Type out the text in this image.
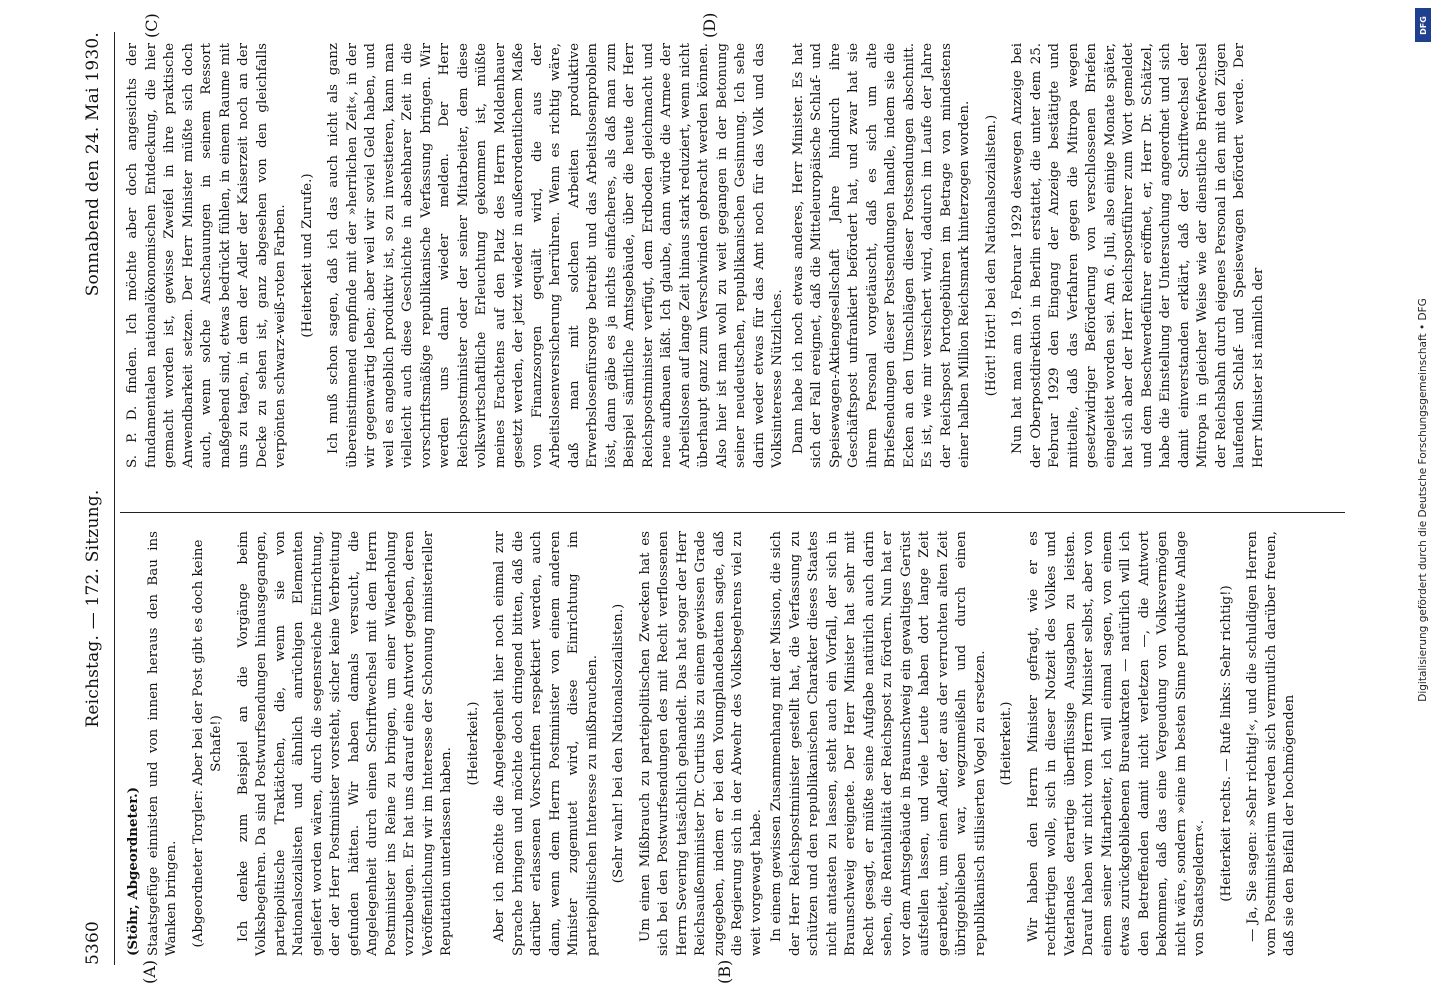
5360
Reichstag. — 172. Sitzung.
Sonnabend den 24. Mai 1930.
(A)	(B)
(C)	(D)

(Stöhr, Abgeordneter.) Staatsgefüge einnisten und von innen heraus den Bau ins Wanken bringen. (Abgeordneter Torgler: Aber bei der Post gibt es doch keine Schafe!) Ich denke zum Beispiel an die Vorgänge beim Volksbegehren. Da sind Postwurfsendungen hinausgegangen, parteipolitische Traktätchen, die, wenn sie von Nationalsozialisten und ähnlich anrüchigen Elementen geliefert worden wären, durch die segensreiche Einrichtung, der der Herr Postminister vorsteht, sicher keine Verbreitung gefunden hätten. Wir haben damals versucht, die Angelegenheit durch einen Schriftwechsel mit dem Herrn Postminister ins Reine zu bringen, um einer Wiederholung vorzubeugen. Er hat uns darauf eine Antwort gegeben, deren Veröffentlichung wir im Interesse der Schonung ministerieller Reputation unterlassen haben.

(Heiterkeit.) Aber ich möchte die Angelegenheit hier noch einmal zur Sprache bringen und möchte doch dringend bitten, daß die darüber erlassenen Vorschriften respektiert werden, auch dann, wenn dem Herrn Postminister von einem anderen Minister zugemutet wird, diese Einrichtung im parteipolitischen Interesse zu mißbrauchen. (Sehr wahr! bei den Nationalsozialisten.) Um einen Mißbrauch zu parteipolitischen Zwecken hat es sich bei den Postwurfsendungen des mit Recht verflossenen Herrn Severing tatsächlich gehandelt. Das hat sogar der Herr Reichsaußenminister Dr. Curtius bis zu einem gewissen Grade zugegeben, indem er bei den Youngplandebatten sagte, daß die Regierung sich in der Abwehr des Volksbegehrens viel zu weit vorgewagt habe. In einem gewissen Zusammenhang mit der Mission, die sich der Herr Reichspostminister gestellt hat, die Verfassung zu schützen und den republikanischen Charakter dieses Staates nicht antasten zu lassen, steht auch ein Vorfall, der sich in Braunschweig ereignete. Der Herr Minister hat sehr mit Recht gesagt, er müßte seine Aufgabe natürlich auch darin sehen, die Rentabilität der Reichspost zu fördern. Nun hat er vor dem Amtsgebäude in Braunschweig ein gewaltiges Gerüst aufstellen lassen, und viele Leute haben dort lange Zeit gearbeitet, um einen Adler, der aus der verruchten alten Zeit übriggeblieben war, wegzumeißeln und durch einen republikanisch stilisierten Vogel zu ersetzen. (Heiterkeit.) Wir haben den Herrn Minister gefragt, wie er es rechtfertigen wolle, sich in dieser Notzeit des Volkes und Vaterlandes derartige überflüssige Ausgaben zu leisten. Darauf haben wir nicht vom Herrn Minister selbst, aber von einem seiner Mitarbeiter, ich will einmal sagen, von einem etwas zurückgebliebenen Bureaukraten — natürlich will ich den Betreffenden damit nicht verletzen —, die Antwort bekommen, daß das eine Vergeudung von Volksvermögen nicht wäre, sondern »eine im besten Sinne produktive Anlage von Staatsgeldern«. (Heiterkeit rechts. — Rufe links: Sehr richtig!) — Ja, Sie sagen: »Sehr richtig!«, und die schuldigen Herren vom Postministerium werden sich vermutlich darüber freuen, daß sie den Beifall der hochmögenden

S. P. D. finden. Ich möchte aber doch angesichts der fundamentalen nationalökonomischen Entdeckung, die hier gemacht worden ist, gewisse Zweifel in ihre praktische Anwendbarkeit setzen. Der Herr Minister müßte sich doch auch, wenn solche Anschauungen in seinem Ressort maßgebend sind, etwas bedrückt fühlen, in einem Raume mit uns zu tagen, in dem der Adler der Kaiserzeit noch an der Decke zu sehen ist, ganz abgesehen von den gleichfalls verpönten schwarz-weiß-roten Farben. (Heiterkeit und Zurufe.) Ich muß schon sagen, daß ich das auch nicht als ganz übereinstimmend empfinde mit der »herrlichen Zeit«, in der wir gegenwärtig leben; aber weil wir soviel Geld haben, und weil es angeblich produktiv ist, so zu investieren, kann man vielleicht auch diese Geschichte in absehbarer Zeit in die vorschriftsmäßige republikanische Verfassung bringen. Wir werden uns dann wieder melden. Der Herr Reichspostminister oder der seiner Mitarbeiter, dem diese volkswirtschaftliche Erleuchtung gekommen ist, müßte meines Erachtens auf den Platz des Herrn Moldenhauer gesetzt werden, der jetzt wieder in außerordentlichem Maße von Finanzsorgen gequält wird, die aus der Arbeitslosenversicherung herrühren. Wenn es richtig wäre, daß man mit solchen Arbeiten produktive Erwerbslosenfürsorge betreibt und das Arbeitslosenproblem löst, dann gäbe es ja nichts einfacheres, als daß man zum Beispiel sämtliche Amtsgebäude, über die heute der Herr Reichspostminister verfügt, dem Erdboden gleichmacht und neue aufbauen läßt. Ich glaube, dann würde die Armee der Arbeitslosen auf lange Zeit hinaus stark reduziert, wenn nicht überhaupt ganz zum Verschwinden gebracht werden können. Also hier ist man wohl zu weit gegangen in der Betonung seiner neudeutschen, republikanischen Gesinnung. Ich sehe darin weder etwas für das Amt noch für das Volk und das Volksinteresse Nützliches. Dann habe ich noch etwas anderes, Herr Minister. Es hat sich der Fall ereignet, daß die Mitteleuropäische Schlaf- und Speisewagen-Aktiengesellschaft Jahre hindurch ihre Geschäftspost unfrankiert befördert hat, und zwar hat sie ihrem Personal vorgetäuscht, daß es sich um alte Briefsendungen dieser Postsendungen handle, indem sie die Ecken an den Umschlägen dieser Postsendungen abschnitt. Es ist, wie mir versichert wird, dadurch im Laufe der Jahre der Reichspost Portogebühren im Betrage von mindestens einer halben Million Reichsmark hinterzogen worden. (Hört! Hört! bei den Nationalsozialisten.) Nun hat man am 19. Februar 1929 deswegen Anzeige bei der Oberpostdirektion in Berlin erstattet, die unter dem 25. Februar 1929 den Eingang der Anzeige bestätigte und mitteilte, daß das Verfahren gegen die Mitropa wegen gesetzwidriger Beförderung von verschlossenen Briefen eingeleitet worden sei. Am 6. Juli, also einige Monate später, hat sich aber der Herr Reichspostführer zum Wort gemeldet und dem Beschwerdeführer eröffnet, er, Herr Dr. Schätzel, habe die Einstellung der Untersuchung angeordnet und sich damit einverstanden erklärt, daß der Schriftwechsel der Mitropa in gleicher Weise wie der dienstliche Briefwechsel der Reichsbahn durch eigenes Personal in den mit den Zügen laufenden Schlaf- und Speisewagen befördert werde. Der Herr Minister ist nämlich der

DFG
Digitalisierung gefördert durch die Deutsche Forschungsgemeinschaft • DFG
